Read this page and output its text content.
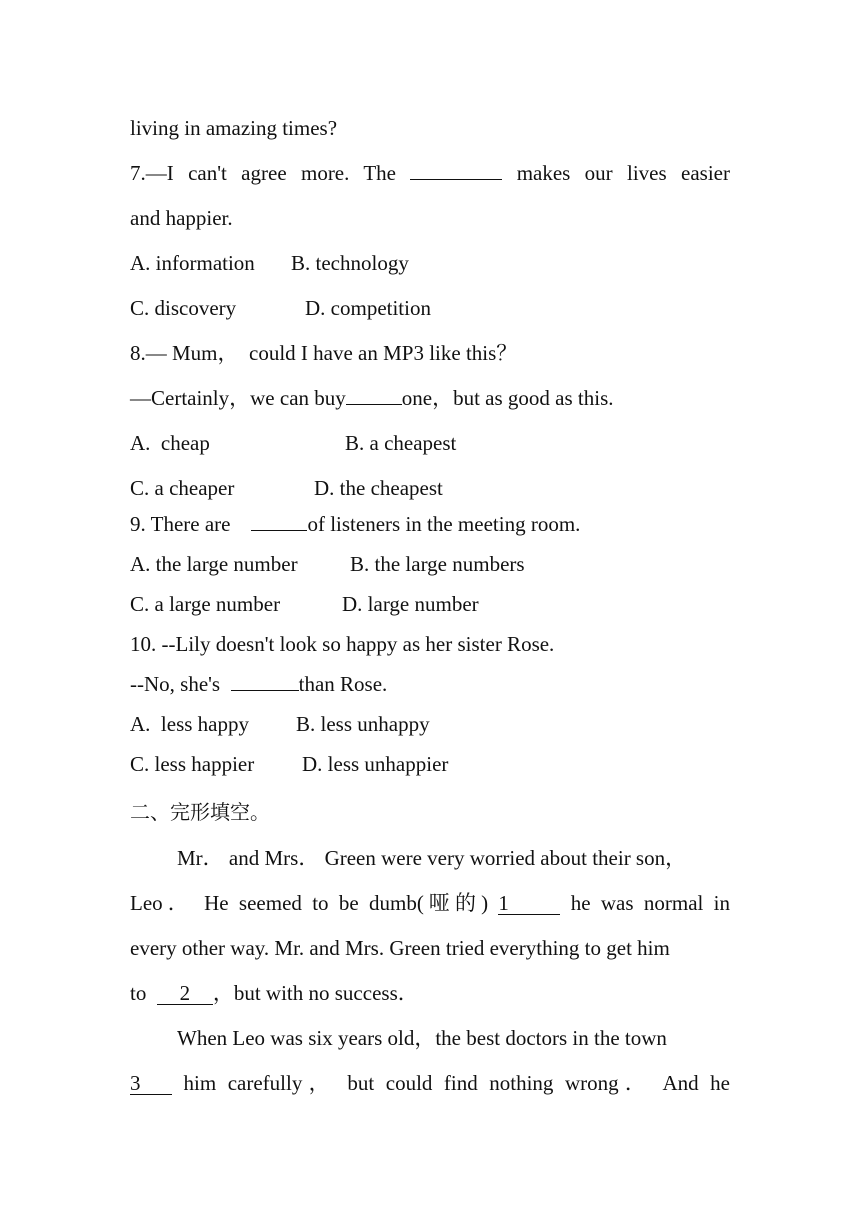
living in amazing times?
7.—I can't agree more. The	makes our lives easier
and happier.
A. information B. technology
C. discovery	D. competition
8.— Mum，  could I have an MP3 like this？
—Certainly，we can buy	one，but as good as this.
A.  cheap	B. a cheapest
C. a cheaper	D. the cheapest
9. There are	of listeners in the meeting room.
A. the large number B. the large numbers
C. a large number	D. large number
10. --Lily doesn't look so happy as her sister Rose.
--No, she's	than Rose.
A.  less happy B. less unhappy
C. less happier D. less unhappier
二、完形填空。
Mr． and Mrs． Green were very worried about their son，
Leo． He seemed to be dumb(哑的) 1	he was normal in
every other way. Mr. and Mrs. Green tried everything to get him
to 2 ，but with no success．
When Leo was six years old，the best doctors in the town
3 him carefully， but could find nothing wrong． And he
